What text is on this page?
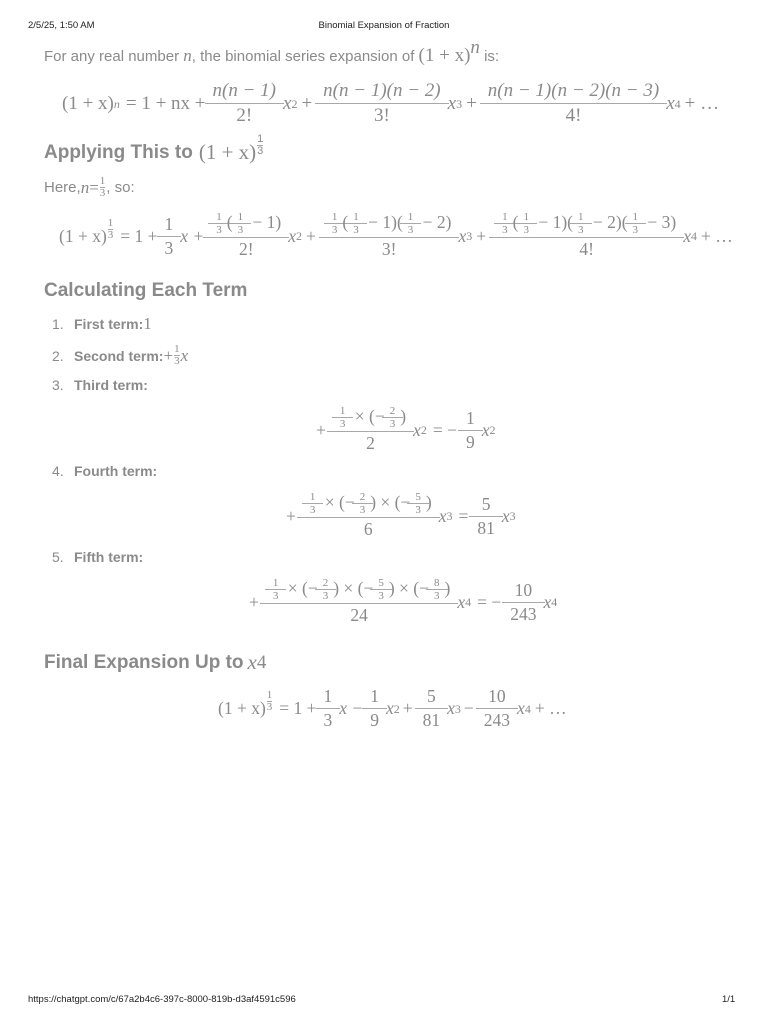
2/5/25, 1:50 AM	Binomial Expansion of Fraction
For any real number n, the binomial series expansion of $(1 + x)^n$ is:
(1 + x) n = 1 + nx + $\frac{n(n - 1)}{2!}$ x $2 + \frac{n(n - 1)(n - 2)}{3!}$ x $3 + \frac{n(n - 1)(n - 2)(n - 3)}{4!}$ x 4 + …
Applying This to (1 + x)
1
3
Here, $n = \frac{1}{3}$ , so:
$(1 + x) \frac{1}{3} = 1 + \frac{1}{3}$ $x + \frac{\frac{1}{3} ( \frac{1}{3} - 1)}{2!}$ x $2 + \frac{\frac{1}{3} ( \frac{1}{3} - 1)( \frac{1}{3} - 2)}{3!}$ x $3 + \frac{\frac{1}{3} ( \frac{1}{3} - 1)( \frac{1}{3} - 2)( \frac{1}{3} - 3)}{4!}$ x 4 + …
Calculating Each Term
1. First term: 1
2. Second term: + $\frac{1}{3}$ x
3. Third term:
+ $\frac{\frac{1}{3} \times (- \frac{2}{3} )}{2}$ x 2 = − $\frac{1}{9}$ x 2
4. Fourth term:
+ $\frac{\frac{1}{3} \times (- \frac{2}{3} ) \times (- \frac{5}{3} )}{6}$ x $3 = \frac{5}{81}$ x 3
5. Fifth term:
+ $\frac{\frac{1}{3} \times (- \frac{2}{3} ) \times (- \frac{5}{3} ) \times (- \frac{8}{3} )}{24}$ x 4 = − $\frac{10}{243}$ x 4
Final Expansion Up to x 4
$(1 + x) \frac{1}{3} = 1 + \frac{1}{3}$ $x - \frac{1}{9}$ x $2 + \frac{5}{81}$ x $3 - \frac{10}{243}$ x 4 + …
https://chatgpt.com/c/67a2b4c6-397c-8000-819b-d3af4591c596	1/1
